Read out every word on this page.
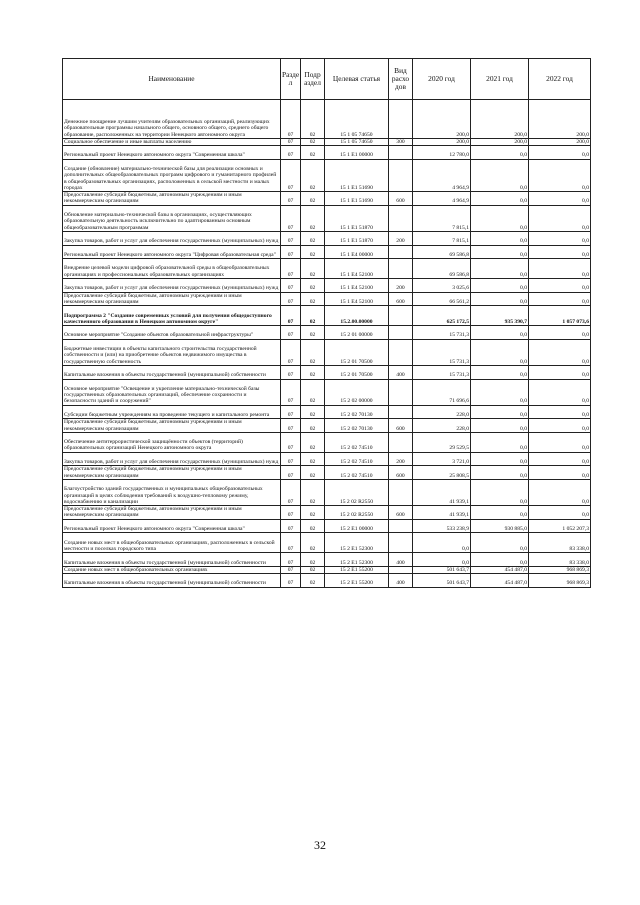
Наименование	Разде л	Подр аздел	Целевая статья	Вид расхо дов	2020 год	2021 год	2022 год
Денежное поощрение лучшим учителям образовательных организаций, реализующих образовательные программы начального общего, основного общего, среднего общего образование, расположенных на территории Ненецкого автономного округа	07	02	15 1 05 74650		200,0	200,0	200,0
Социальное обеспечение и иные выплаты населению	07	02	15 1 05 74650	300	200,0	200,0	200,0
Региональный проект Ненецкого автономного округа "Современная школа"	07	02	15 1 E1 00000		12 780,0	0,0	0,0
Создание (обновление) материально-технической базы для реализации основных и дополнительных общеобразовательных программ цифрового и гуманитарного профилей в общеобразовательных организациях, расположенных в сельской местности и малых городах	07	02	15 1 E1 51690		4 964,9	0,0	0,0
Предоставление субсидий бюджетным, автономным учреждениям и иным некоммерческим организациям	07	02	15 1 E1 51690	600	4 964,9	0,0	0,0
Обновление материально-технической базы в организациях, осуществляющих образовательную деятельность исключительно по адаптированным основным общеобразовательным программам	07	02	15 1 E1 51870		7 815,1	0,0	0,0
Закупка товаров, работ и услуг для обеспечения государственных (муниципальных) нужд	07	02	15 1 E1 51870	200	7 815,1	0,0	0,0
Региональный проект Ненецкого автономного округа "Цифровая образовательная среда"	07	02	15 1 E4 00000		69 586,8	0,0	0,0
Внедрение целевой модели цифровой образовательной среды в общеобразовательных организациях и профессиональных образовательных организациях	07	02	15 1 E4 52100		69 586,8	0,0	0,0
Закупка товаров, работ и услуг для обеспечения государственных (муниципальных) нужд	07	02	15 1 E4 52100	200	3 025,6	0,0	0,0
Предоставление субсидий бюджетным, автономным учреждениям и иным некоммерческим организациям	07	02	15 1 E4 52100	600	66 561,2	0,0	0,0
Подпрограмма 2 "Создание современных условий для получения общедоступного качественного образования в Ненецком автономном округе"	07	02	15.2.00.00000		625 172,5	935 390,7	1 057 073,6
Основное мероприятие "Создание объектов образовательной инфраструктуры"	07	02	15 2 01 00000		15 731,3	0,0	0,0
Бюджетные инвестиции в объекты капитального строительства государственной собственности и (или) на приобретение объектов недвижимого имущества в государственную собственность	07	02	15 2 01 70500		15 731,3	0,0	0,0
Капитальные вложения в объекты государственной (муниципальной) собственности	07	02	15 2 01 70500	400	15 731,3	0,0	0,0
Основное мероприятие "Освещение и укрепление материально-технической базы государственных образовательных организаций, обеспечение сохранности и безопасности зданий и сооружений"	07	02	15 2 02 00000		71 696,6	0,0	0,0
Субсидии бюджетным учреждениям на проведение текущего и капитального ремонта	07	02	15 2 02 70130		228,0	0,0	0,0
Предоставление субсидий бюджетным, автономным учреждениям и иным некоммерческим организациям	07	02	15 2 02 70130	600	228,0	0,0	0,0
Обеспечение антитеррористической защищённости объектов (территорий) образовательных организаций Ненецкого автономного округа	07	02	15 2 02 74510		29 529,5	0,0	0,0
Закупка товаров, работ и услуг для обеспечения государственных (муниципальных) нужд	07	02	15 2 02 74510	200	3 721,0	0,0	0,0
Предоставление субсидий бюджетным, автономным учреждениям и иным некоммерческим организациям	07	02	15 2 02 74510	600	25 808,5	0,0	0,0
Благоустройство зданий государственных и муниципальных общеобразовательных организаций в целях соблюдения требований к воздушно-тепловому режиму, водоснабжению и канализации	07	02	15 2 02 R2550		41 939,1	0,0	0,0
Предоставление субсидий бюджетным, автономным учреждениям и иным некоммерческим организациям	07	02	15 2 02 R2550	600	41 939,1	0,0	0,0
Региональный проект Ненецкого автономного округа "Современная школа"	07	02	15 2 E1 00000		533 238,9	930 885,0	1 052 207,3
Создание новых мест в общеобразовательных организациях, расположенных в сельской местности и поселках городского типа	07	02	15 2 E1 52300		0,0	0,0	83 338,0
Капитальные вложения в объекты государственной (муниципальной) собственности	07	02	15 2 E1 52300	400	0,0	0,0	83 338,0
Создание новых мест в общеобразовательных организациях	07	02	15 2 E1 55200		501 643,7	454 487,0	968 869,3
Капитальные вложения в объекты государственной (муниципальной) собственности	07	02	15 2 E1 55200	400	501 643,7	454 487,0	968 869,3
32
